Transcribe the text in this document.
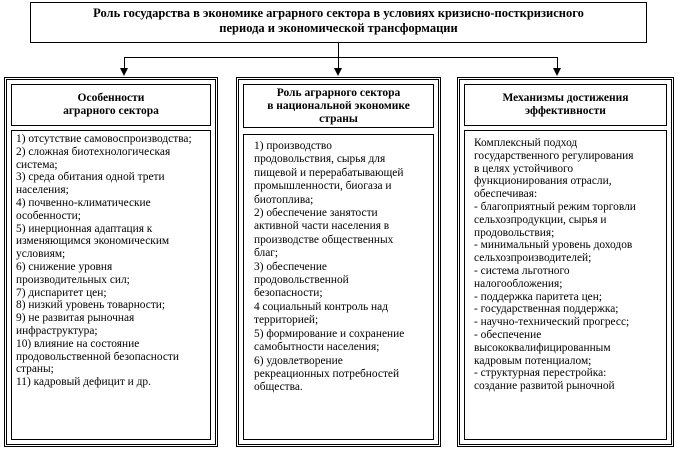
Роль государства в экономике аграрного сектора в условиях кризисно-посткризисного
периода и экономической трансформации
Особенности
аграрного сектора
1) отсутствие самовоспроизводства;
2) сложная биотехнологическая
система;
3) среда обитания одной трети
населения;
4) почвенно-климатические
особенности;
5) инерционная адаптация к
изменяющимся экономическим
условиям;
6) снижение уровня
производительных сил;
7) диспаритет цен;
8) низкий уровень товарности;
9) не развитая рыночная
инфраструктура;
10) влияние на состояние
продовольственной безопасности
страны;
11) кадровый дефицит и др.
Роль аграрного сектора
в национальной экономике
страны
1) производство
продовольствия, сырья для
пищевой и перерабатывающей
промышленности, биогаза и
биотоплива;
2) обеспечение занятости
активной части населения в
производстве общественных
благ;
3) обеспечение
продовольственной
безопасности;
4 социальный контроль над
территорией;
5) формирование и сохранение
самобытности населения;
6) удовлетворение
рекреационных потребностей
общества.
Механизмы достижения
эффективности
Комплексный подход
государственного регулирования
в целях устойчивого
функционирования отрасли,
обеспечивая:
- благоприятный режим торговли
сельхозпродукции, сырья и
продовольствия;
- минимальный уровень доходов
сельхозпроизводителей;
- система льготного
налогообложения;
- поддержка паритета цен;
- государственная поддержка;
- научно-технический прогресс;
- обеспечение
высококвалифицированным
кадровым потенциалом;
- структурная перестройка:
создание развитой рыночной
